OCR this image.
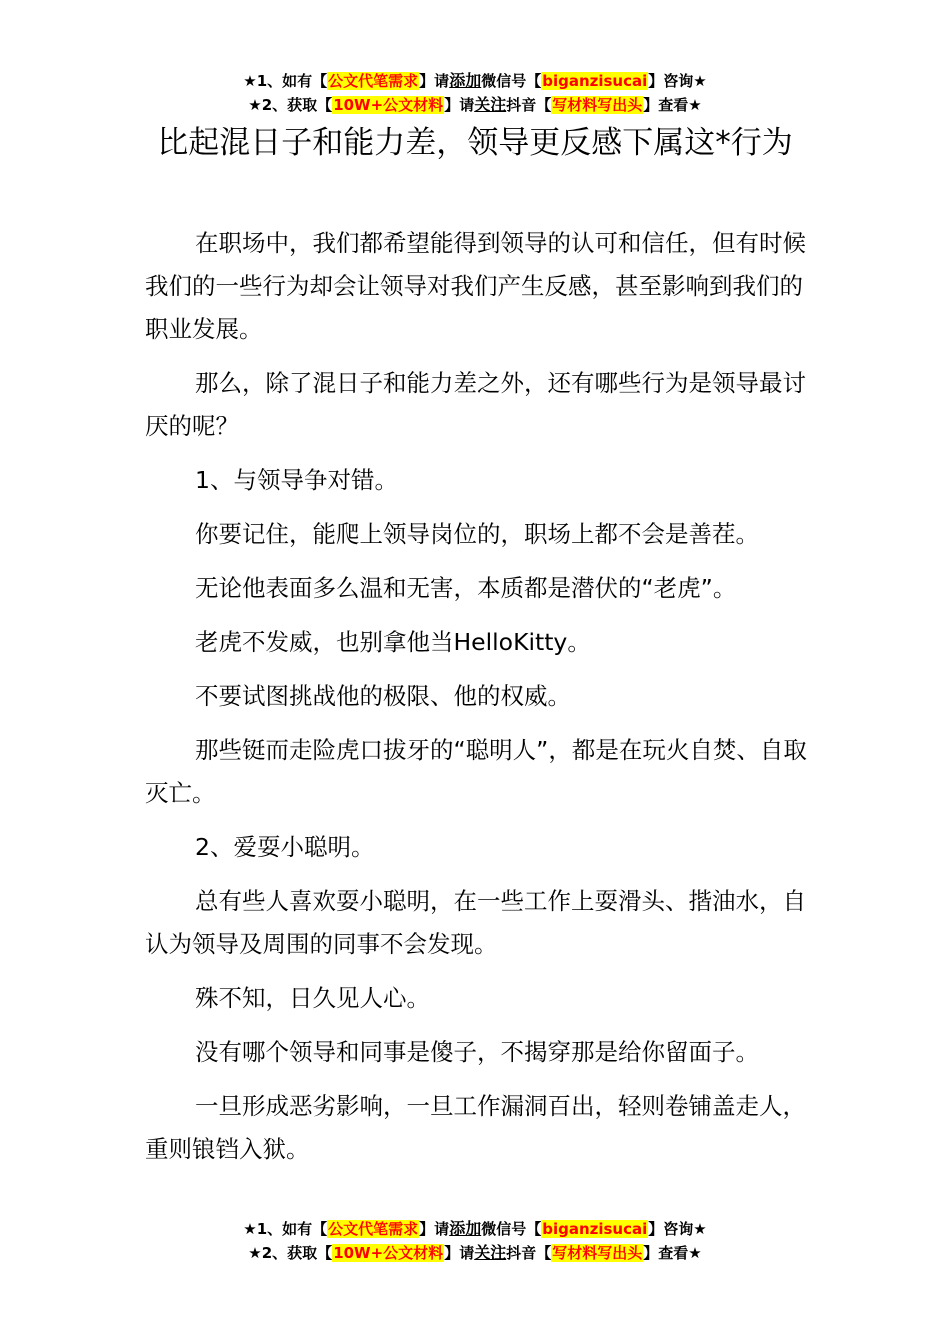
★1、如有【公文代笔需求】请添加微信号【biganzisucai】咨询★
★2、获取【10W+公文材料】请关注抖音【写材料写出头】查看★
比起混日子和能力差，领导更反感下属这*行为

在职场中，我们都希望能得到领导的认可和信任，但有时候我们的一些行为却会让领导对我们产生反感，甚至影响到我们的职业发展。

那么，除了混日子和能力差之外，还有哪些行为是领导最讨厌的呢？

1、与领导争对错。

你要记住，能爬上领导岗位的，职场上都不会是善茬。

无论他表面多么温和无害，本质都是潜伏的“老虎”。

老虎不发威，也别拿他当HelloKitty。

不要试图挑战他的极限、他的权威。

那些铤而走险虎口拔牙的“聪明人”，都是在玩火自焚、自取灭亡。

2、爱耍小聪明。

总有些人喜欢耍小聪明，在一些工作上耍滑头、揩油水，自认为领导及周围的同事不会发现。

殊不知，日久见人心。

没有哪个领导和同事是傻子，不揭穿那是给你留面子。

一旦形成恶劣影响，一旦工作漏洞百出，轻则卷铺盖走人，重则锒铛入狱。

★1、如有【公文代笔需求】请添加微信号【biganzisucai】咨询★
★2、获取【10W+公文材料】请关注抖音【写材料写出头】查看★
